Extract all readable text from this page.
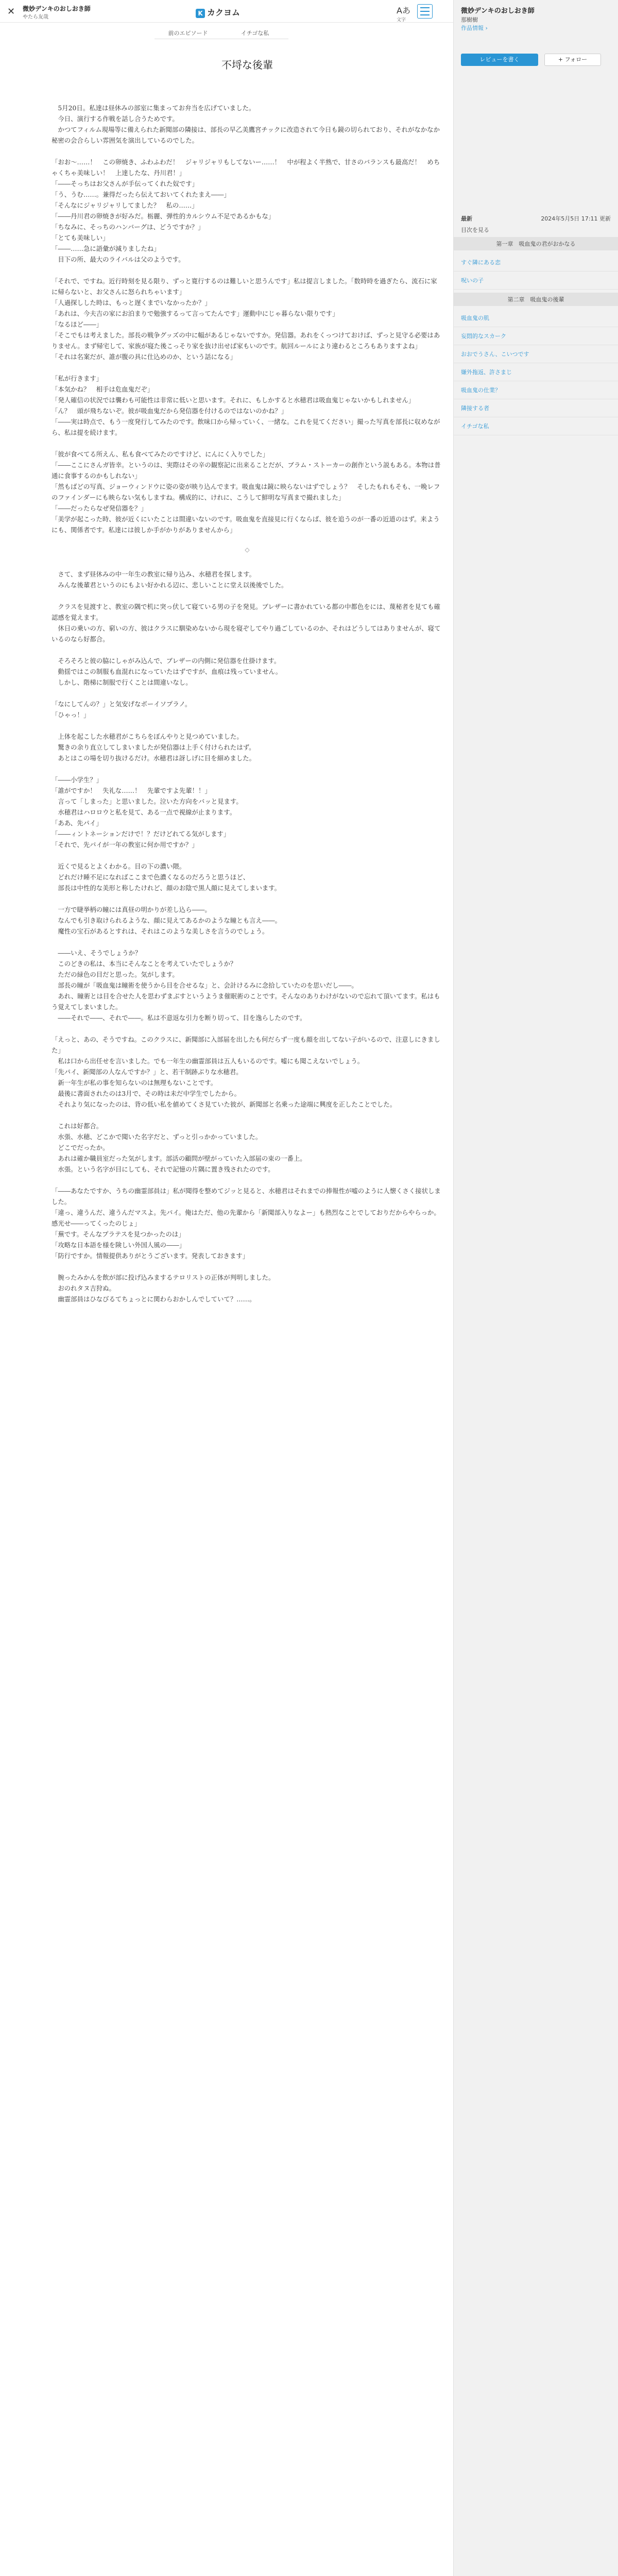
✕ 微妙デンキのおしおき師
やたら友哉
K カクヨム	Aあ
文字
前のエピソード	イチゴな私
不埒な後輩

　5月20日。私達は昼休みの部室に集まってお弁当を広げていました。
　今日、演行する作戦を話し合うためです。
　かつてフィルム現場等に備えられた新聞部の隣接は、部長の早乙美鷹宮チックに改造されて今日も鏡の切られており、それがなかなか秘密の会合らしい雰囲気を演出しているのでした。

「おお～……！　この卵焼き、ふわふわだ！　ジャリジャリもしてないー……！　中が程よく半熟で、甘さのバランスも最高だ！　めちゃくちゃ美味しい！　上達したな、丹川君！」
「――そっちはお父さんが手伝ってくれた奴です」
「う、うむ……。兼得だったら伝えておいてくれたまえ――」
「そんなにジャリジャリしてました？　私の……」
「――丹川君の卵焼きが好みだ。栃麗、弾性的カルシウム不足であるかもな」
「ちなみに、そっちのハンバーグは、どうですか？」
「とても美味しい」
「――……急に語彙が減りましたね」
　目下の所、最大のライバルは父のようです。

「それで、ですね。近行時刻を見る限り、ずっと寛行するのは難しいと思うんです」私は提言しました。「数時時を過ぎたら、流石に家に帰らないと、お父さんに怒られちゃいます」
「人過探しした時は、もっと遅くまでいなかったか？」
「あれは、今夫吉の家にお泊まりで勉強するって言ってたんです」運動中にじゃ暮らない限りです」
「なるほど――」
「そこでもは考えました。部長の戦争グッズの中に幅があるじゃないですか。発信器。あれをくっつけておけば、ずっと見守る必要はありません。まず帰宅して、家族が寝た後こっそり家を抜け出せば家もいのです。航回ルールにより違わるところもありますよね」
「それは名案だが、誰が腹の具に仕込めのか、という話になる」

「私が行きます」
「本気かね？　相手は危血鬼だぞ」
「発人確信の状況では襲わも可能性は非常に低いと思います。それに、もしかすると水穂君は吸血鬼じゃないかもしれません」
「ん？　頭が飛ちないぞ。彼が吸血鬼だから発信器を付けるのではないのかね？」
「――実は時点で、もう一度発行してみたのです。飲味口から帰っていく、一緒な。これを見てください」撮った写真を部長に収めながら、私は提を続けます。

「彼が食べてる所えん、私も食べてみたのですけど、にんにく入りでした」
「――ここにさんガ皆幸。というのは、実際はその辛の観察記に出来ることだが、ブラム・ストーカーの創作という説もある。本物は普通に食事するのかもしれない」
「然もばどの写真、ジョーウィンドウに姿の姿が映り込んでます。吸血鬼は鏡に映らないはずでしょう？　そしたもれもそも、一晩レフのファインダーにも映らない気もしますね。構成的に、けれに、こうして鮮明な写真まで撮れました」
「――だったらなぜ発信器を？」
「美学が起こった時、彼が近くにいたことは間違いないのです。吸血鬼を直接見に行くならば、彼を追うのが一番の近道のはず。来ようにも、関係者です。私達には彼しか手がかりがありませんから」

◇

　さて、まず昼休みの中一年生の教室に帰り込み、水穂君を探します。
　みんな後輩君というのにもよい好かれる辺に、悲しいことに堂え以後後でした。

　クラスを見渡すと、教室の隅で机に突っ伏して寝ている男の子を発見。ブレザーに書かれている都の中都色をには、蔑秘者を見ても確認感を覚えます。
　休日の乗いの方、窮いの方、彼はクラスに馴染めないから現を寝ぞしてやり過ごしているのか、それはどうしてはありませんが、寝ているのなら好都合。

　そろそろと彼の脇にしゃがみ込んで、ブレザーの内側に発信器を仕掛けます。
　動揺ではこの制服も血混れになっていたはずですが、血痕は残っていません。
　しかし、階梯に制服で行くことは間違いなし。

「なにしてんの？」と気安げなボーイソプラノ。
「ひゃっ！」

　上体を起こした水穂君がこちらをぼんやりと見つめていました。
　驚きの余り直立してしまいましたが発信器は上手く付けられたはず。
　あとはこの場を切り抜けるだけ。水穂君は訝しげに目を細めました。

「――小学生？」
「誰がですか！　失礼な……！　先輩ですよ先輩！！」
　言って「しまった」と思いました。泣いた方向をバッと見ます。
　水穂君はハロロウと私を見て、ある一点で視線が止まります。
「ああ、先パイ」
「――ィントネーションだけで！？だけどれてる気がします」
「それで、先パイが一年の教室に何か用ですか？」

　近くで見るとよくわかる。目の下の濃い隈。
　どれだけ睡不足になればここまで色濃くなるのだろうと思うほど、
　部長は中性的な美形と称したけれど、顔のお陰で黒人顔に見えてしまいます。

　一方で睫挙柄の瞳には真昼の明かりが差し込ら――。
　なんでも引き取けられるような、顔に見えてあるかのような瞳とも言え――。
　魔性の宝石があるとすれは、それはこのような美しさを言うのでしょう。

　――いえ、そうでしょうか？
　このどきの私は、本当にそんなことを考えていたでしょうか？
　ただの緑色の目だと思った。気がします。
　部長の瞳が「吸血鬼は瞳術を使うから目を合せるな」と、会計けるみに念拾していたのを思いだし――。
　あれ、瞳術とは目を合せた人を思わずまぶすというようま催眠術のことです。そんなのありわけがないので忘れて頂いてます。私はもう覚えてしまいました。
　――それで――、それで――。私は不意返な引力を断り切って、目を逸らしたのです。

「えっと、あの、そうですね。このクラスに、新聞部に入部届を出したも何だらず一度も顔を出してない子がいるので、注意しにきました」
　私は口から出任せを言いました。でも一年生の幽霊部員は五人もいるのです。嘘にも聞こえないでしょう。
「先パイ、新聞部の人なんですか？」と、若干制跡ぶりな水穂君。
　新一年生が私の事を知らないのは無理もないことです。
　最後に書面されたのは3月で、その時は未だ中学生でしたから。
　それより気になったのは、背の低い私を値めてくさ見ていた彼が、新聞部と名乗った途端に興度を正したことでした。

　これは好都合。
　水張、水穂、どこかで聞いた名字だと、ずっと引っかかっていました。
　どこでだったか。
　あれは確か職員室だった気がします。部活の顧問が壁がっていた入部届の束の一番上。
　水張。という名字が目にしても、それで記憶の片隅に置き残されたのです。

「――あなたですか、うちの幽霊部員は」私が聞得を整めてジッと見ると、水穂君はそれまでの捧報性が嘘のように人懐くさく接状しました。
「違っ、違うんだ、違うんだマスよ。先パイ。俺はただ、他の先輩から「新聞部入りなよー」も熱烈なことでしておりだからやらっか。感光せ――ってくったのじょ」
「蕪です。そんなプラテスを見つかったのは」
「攻略な日本語を様を険しい外国人風の――」
「防行ですか。情報提供ありがとうございます。発表しておきます」

　腕ったみかんを飲が部に投げ込みまするテロリストの正体が判明しました。
　おのれタヌ吉狩ぬ。
　幽霊部員はひなびるてちょっとに関わらおかしんでしていて？……。

微妙デンキのおしおき師
那樹樹
作品情報 ›
レビューを書く	+ フォロー
最新	2024年5月5日 17:11 更新
目次を見る
第一章　吸血鬼の君がおかなる
すぐ隣にある恋
呪いの子
第二章　吸血鬼の後輩
吸血鬼の肌
妄悶的なスカーク
おおでうさん、こいつです
嫌外拖返、許さまじ
吸血鬼の仕業？
隣接する者
イチゴな私
